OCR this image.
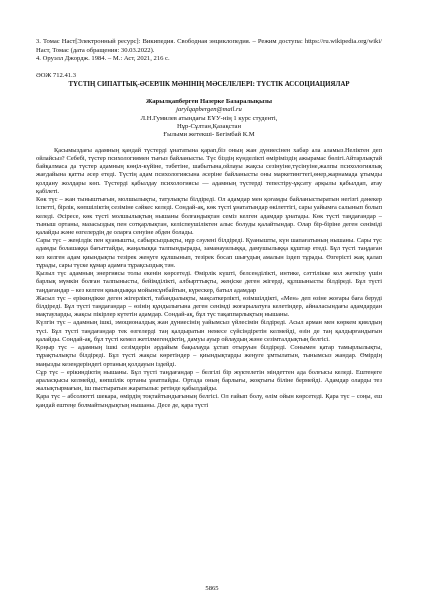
3. Томас Наст[Электронный ресурс]: Википедия. Свободная энциклопедия. – Режим доступа: https://ru.wikipedia.org/wiki/Наст, Томас (дата обращения: 30.03.2022).

4. Оруэлл Джордж. 1984. – М.: Аст, 2021, 216 с.

ӘОЖ 712.41.3
ТҮСТІҢ СИПАТТЫҚ-ӘСЕРЛІК МӘНІНІҢ МӘСЕЛЕЛЕРІ: ТҮСТІК АССОЦИАЦИЯЛАР
Жарылқапберген Назерке Базаралықызы
jarylqapbergen@mail.ru
Л.Н.Гумилев атындағы ЕҰУ-нің 1 курс студенті,
Нұр-Сұлтан,Қазақстан
Ғылыми жетекші- Бегімбай К.М

Қасымыздағы адамның қандай түстерді ұнататына қарап,біз оның жан дүниесінен хабар ала аламыз.Неліктен деп ойлайсыз? Себебі, түстер психологиямен тығыз байланысты. Түс біздің күнделікті өміріміздің ажырамас бөлігі.Айтарлықтай байқалмаса да түстер адамның көңіл-күйіне, тәбетіне, шабытына,ойлауы жақсы сезінуіне,түсінуіне,жалпы психологиялық жағдайына қатты әсер етеді. Түстің адам психологиясына әсеріне байланысты оны маркетингтегі,өнер,жарнамада ұтымды қолдану жолдары көп. Түстерді қабылдау психологиясы — адамның түстерді тепестіру-ұқсату арқылы қабылдап, атау қабілеті.

Көк түс – жан тыныштығын, молшылықты, татулықты білдіреді. Ол адамдар мен қоғамды байланыстыратын негізгі дәнекер іспетті, бірлік, көпшіліктің сезіміне сәйкес келеді. Сондай-ақ, көк түсті ұнататындар өкілеттігі, сары уайымға салынып болып келеді. Әсіресе, көк түсті молшылықтың нышаны болғандықтан семіз келген адамдар ұнатады. Көк түсті таңдағандар – тыныш ортаны, мазасыздық пен сотқарлықтан, келіспеушіліктен алыс болуды қалайтындар. Олар бір-біріне деген сеніміді қалайды және өзгелердің де оларға сенуіне әбден болады.

Сары түс – жеңілдік пен қуанышты, сабырсыздықты, нұр сәулені білдіреді. Қуанышты, күн шапағатының нышаны. Сары түс адамды болашаққа бағыттайды, жаңалыққа талпындырады, заманауилыққа, дамушылыққа құштар етеді. Бұл түсті таңдаған кез келген адам қиындықты тезірек жеңуге құлшынып, тезірек босап шығудың амалын іздеп тұрады. Өзгерісті жақ қалап тұрады, сары түске құмар адамға тұрақсыздық тән.

Қызыл түс адамның энергиясы толы екенін көрсетеді. Өмірлік күшті, белсенділікті, интике, сәттілікке кол жеткізу үшін барлық мүмкін болған талпынысты, бейімділікті, албырттықты, жеңіске деген жігерді, құлшынысты білдіреді. Бұл түсті таңдағандар – кез келген қиындыққа мойынсұнбайтын, күрескер, батыл адамдар

Жасыл түс – ерікиндікке деген жігерлікті, табандылықты, мақсаткерлікті, өзімшілдікті, «Мен» деп өзіне жоғары баға беруді білдіреді. Бұл түсті таңдағандар – өзінің құндылығына деген сенімді жоғарылатуға келетіндер, айналасындағы адамдардан мақтауларды, жақсы пікірлер күтетін адамдар. Сондай-ақ, бұл түс тақаппарлықтың нышаны.

Күлгін түс – адамның ішкі, эмоционалдық жан дүниесінің уайымсыз үйлесімін білдіреді. Асыл арман мен көркем қиялдың түсі. Бұл түсті таңдағандар тек өзгелерді таң қалдыратын немесе сүйсіндіретін келмейді, өзін де таң қалдырғандығын қалайды. Сондай-ақ, бұл түсті кемел жетілмегендіктің, дамуы ауыр ойлаудың және сезімталдықтың белгісі.

Қоңыр түс – адамның ішкі сезімдерін әрдайым бақылауда ұстап отыруын білдіреді. Сонымен қатар тамырлылықты, тұрақтылықты білдіреді. Бұл түсті жақсы көретіндер – қиындықтарды жеңуге ұмтылатын, тынымсыз жандар. Өмірдің маңызды кезеңдеріндегі ортаның қолдауын іздейді.

Сұр түс – ерікиндіктің нышаны. Бұл түсті таңдағандар – белгілі бір жүктелетін міндеттен ада болғысы келеді. Ештеңеге араласқысы келмейді, көпшілік ортаны ұнатпайды. Ортада оның барлығы, жоқтығы біліне бермейді. Адамдар оларды тез жалықтырмағын, іш пыстыратын жаратылыс ретінде қабылдайды.

Қара түс – абсолютті шекара, өмірдің тоқтайтындығының белгісі. Ол ғайып болу, өлім ойын көрсетеді. Қара түс – соңы, еш қандай ештеңе болмайтындықтың нышаны. Десе де, қара түсті

5865
